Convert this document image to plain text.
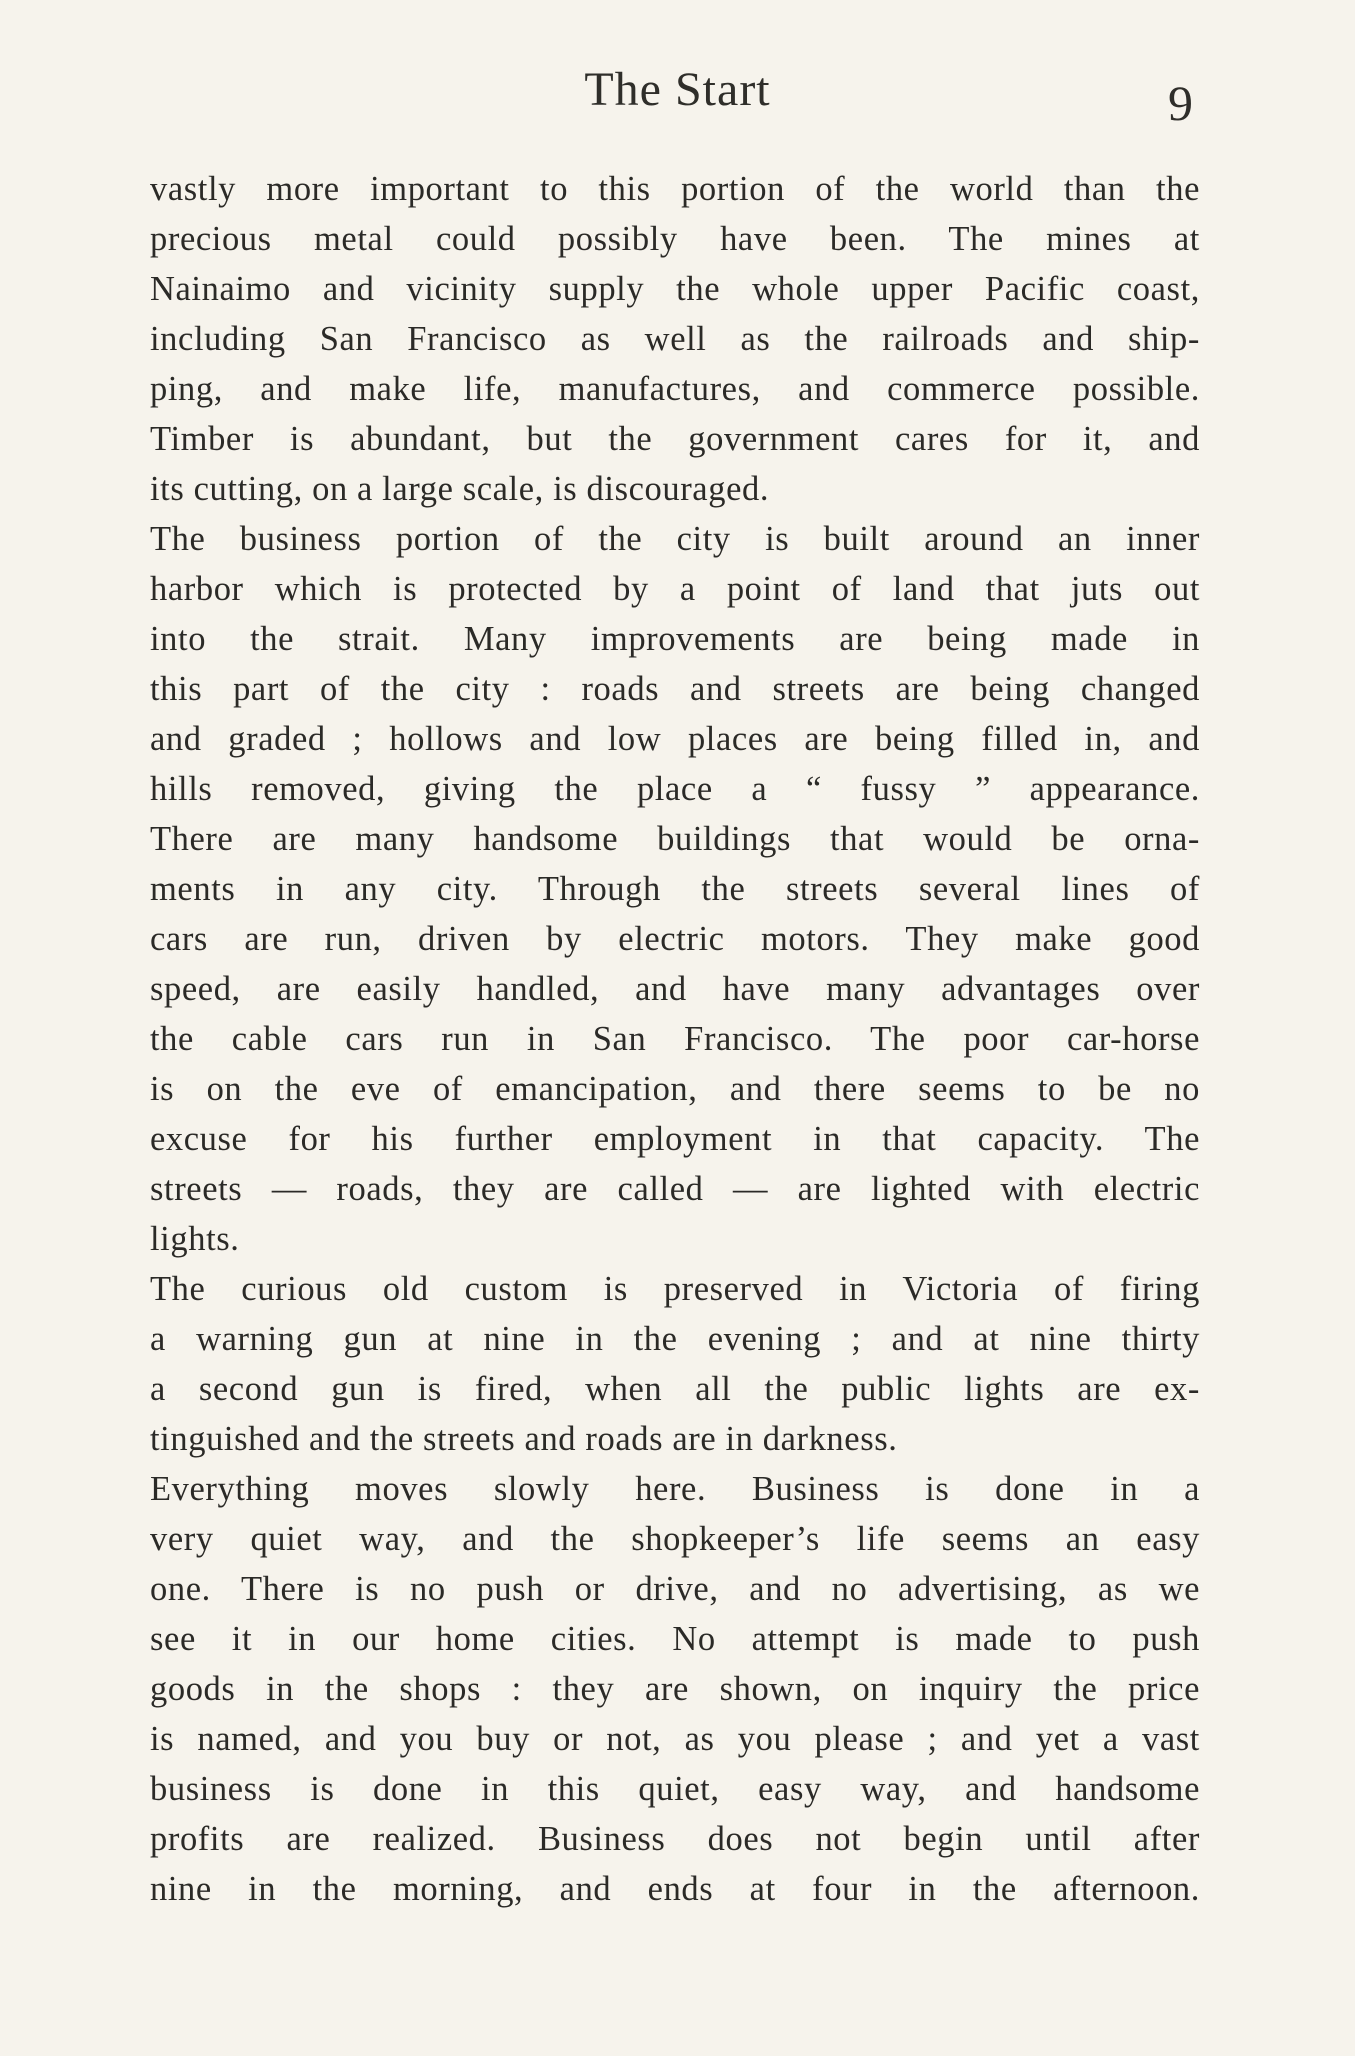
The Start	9
vastly more important to this portion of the world than the
precious metal could possibly have been. The mines at
Nainaimo and vicinity supply the whole upper Pacific coast,
including San Francisco as well as the railroads and ship-
ping, and make life, manufactures, and commerce possible.
Timber is abundant, but the government cares for it, and
its cutting, on a large scale, is discouraged.
The business portion of the city is built around an inner
harbor which is protected by a point of land that juts out
into the strait. Many improvements are being made in
this part of the city : roads and streets are being changed
and graded ; hollows and low places are being filled in, and
hills removed, giving the place a “ fussy ” appearance.
There are many handsome buildings that would be orna-
ments in any city. Through the streets several lines of
cars are run, driven by electric motors. They make good
speed, are easily handled, and have many advantages over
the cable cars run in San Francisco. The poor car-horse
is on the eve of emancipation, and there seems to be no
excuse for his further employment in that capacity. The
streets — roads, they are called — are lighted with electric
lights.
The curious old custom is preserved in Victoria of firing
a warning gun at nine in the evening ; and at nine thirty
a second gun is fired, when all the public lights are ex-
tinguished and the streets and roads are in darkness.
Everything moves slowly here. Business is done in a
very quiet way, and the shopkeeper’s life seems an easy
one. There is no push or drive, and no advertising, as we
see it in our home cities. No attempt is made to push
goods in the shops : they are shown, on inquiry the price
is named, and you buy or not, as you please ; and yet a vast
business is done in this quiet, easy way, and handsome
profits are realized. Business does not begin until after
nine in the morning, and ends at four in the afternoon.
